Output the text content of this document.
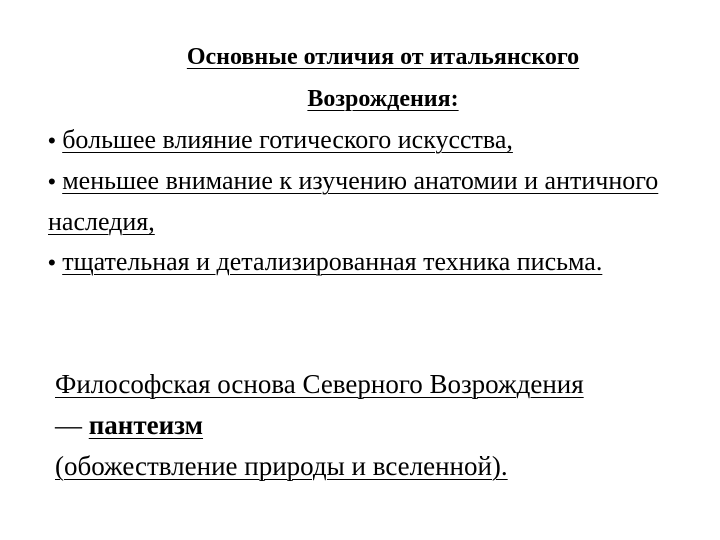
Основные отличия от итальянского
Возрождения:
• большее влияние готического искусства,
• меньшее внимание к изучению анатомии и античного наследия,
• тщательная и детализированная техника письма.
Философская основа Северного Возрождения — пантеизм
(обожествление природы и вселенной).
